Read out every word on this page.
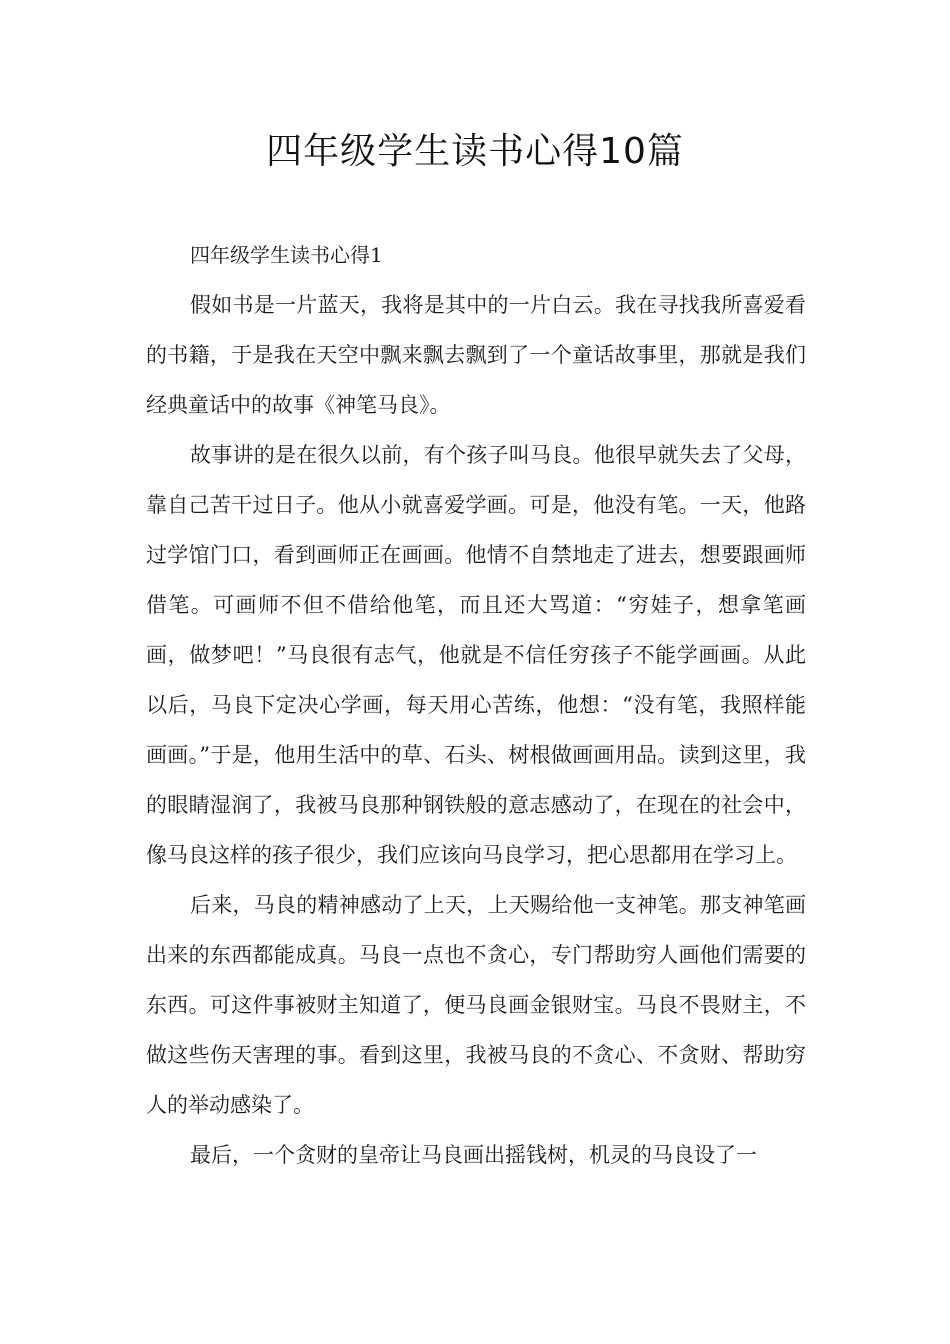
四年级学生读书心得10篇

四年级学生读书心得1

假如书是一片蓝天，我将是其中的一片白云。我在寻找我所喜爱看的书籍，于是我在天空中飘来飘去飘到了一个童话故事里，那就是我们经典童话中的故事《神笔马良》。

故事讲的是在很久以前，有个孩子叫马良。他很早就失去了父母，靠自己苦干过日子。他从小就喜爱学画。可是，他没有笔。一天，他路过学馆门口，看到画师正在画画。他情不自禁地走了进去，想要跟画师借笔。可画师不但不借给他笔，而且还大骂道：“穷娃子，想拿笔画画，做梦吧！”马良很有志气，他就是不信任穷孩子不能学画画。从此以后，马良下定决心学画，每天用心苦练，他想：“没有笔，我照样能画画。”于是，他用生活中的草、石头、树根做画画用品。读到这里，我的眼睛湿润了，我被马良那种钢铁般的意志感动了，在现在的社会中，像马良这样的孩子很少，我们应该向马良学习，把心思都用在学习上。

后来，马良的精神感动了上天，上天赐给他一支神笔。那支神笔画出来的东西都能成真。马良一点也不贪心，专门帮助穷人画他们需要的东西。可这件事被财主知道了，便马良画金银财宝。马良不畏财主，不做这些伤天害理的事。看到这里，我被马良的不贪心、不贪财、帮助穷人的举动感染了。

最后，一个贪财的皇帝让马良画出摇钱树，机灵的马良设了一
